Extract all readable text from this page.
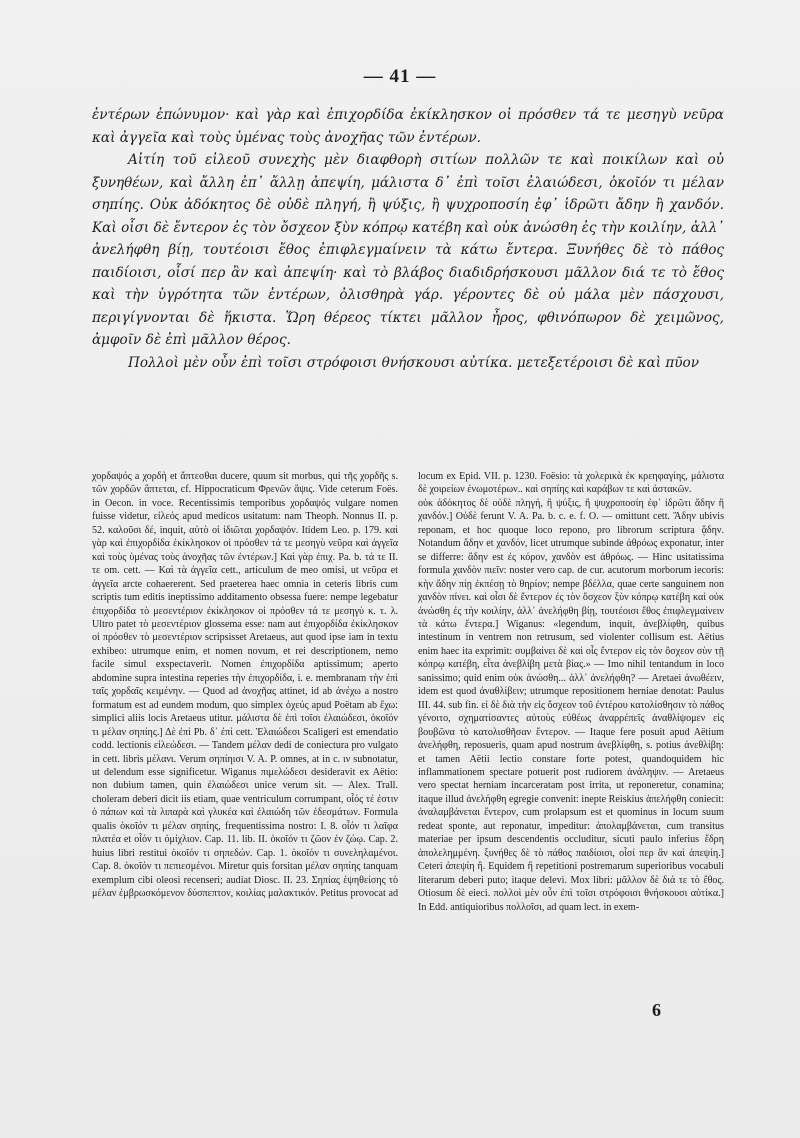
— 41 —

ἐντέρων ἐπώνυμον· καὶ γὰρ καὶ ἐπιχορδίδα ἐκίκλησκον οἱ πρόσθεν τά τε μεσηγὺ νεῦρα καὶ ἀγγεῖα καὶ τοὺς ὑμένας τοὺς ἀνοχῆας τῶν ἐντέρων.

Αἰτίη τοῦ εἰλεοῦ συνεχὴς μὲν διαφθορὴ σιτίων πολλῶν τε καὶ ποικίλων καὶ οὐ ξυνηθέων, καὶ ἄλλη ἐπ᾽ ἄλλῃ ἀπεψίη, μάλιστα δ᾽ ἐπὶ τοῖσι ἐλαιώδεσι, ὁκοῖόν τι μέλαν σηπίης. Οὐκ ἀδόκητος δὲ οὐδὲ πληγή, ἢ ψύξις, ἢ ψυχροποσίη ἐφ᾽ ἱδρῶτι ἄδην ἢ χανδόν. Καὶ οἷσι δὲ ἔντερον ἐς τὸν ὄσχεον ξὺν κόπρῳ κατέβη καὶ οὐκ ἀνώσθη ἐς τὴν κοιλίην, ἀλλ᾽ ἀνελήφθη βίῃ, τουτέοισι ἔθος ἐπιφλεγμαίνειν τὰ κάτω ἔντερα. Ξυνήθες δὲ τὸ πάθος παιδίοισι, οἷσί περ ἂν καὶ ἀπεψίη· καὶ τὸ βλάβος διαδιδρήσκουσι μᾶλλον διά τε τὸ ἔθος καὶ τὴν ὑγρότητα τῶν ἐντέρων, ὀλισθηρὰ γάρ. γέροντες δὲ οὐ μάλα μὲν πάσχουσι, περιγίγνονται δὲ ἥκιστα. Ὥρη θέρεος τίκτει μᾶλλον ἦρος, φθινόπωρον δὲ χειμῶνος, ἀμφοῖν δὲ ἐπὶ μᾶλλον θέρος.

Πολλοὶ μὲν οὖν ἐπὶ τοῖσι στρόφοισι θνήσκουσι αὐτίκα. μετεξετέροισι δὲ καὶ πῦον

χορδαψός a χορδὴ et ἅπτεσθαι ducere, quum sit morbus, qui τῆς χορδῆς s. τῶν χορδῶν ἅπτεται, cf. Hippocraticum Φρενῶν ἅψις. Vide ceterum Foës. in Oecon. in voce. Recentissimis temporibus χορδαψός vulgare nomen fuisse videtur, εἰλεός apud medicos usitatum: nam Theoph. Nonnus II. p. 52. καλοῦσι δέ, inquit, αὐτὸ οἱ ἰδιῶται χορδαψόν. Itidem Leo. p. 179. καὶ γὰρ καὶ ἐπιχορδίδα ἐκίκλησκον οἱ πρόσθεν τά τε μεσηγὺ νεῦρα καὶ ἀγγεῖα καὶ τοὺς ὑμένας τοὺς ἀνοχῆας τῶν ἐντέρων.] Καὶ γὰρ ἐπιχ. Pa. b. τά τε II. τε om. cett. — Καὶ τὰ ἀγγεῖα cett., articulum de meo omisi, ut νεῦρα et ἀγγεῖα arcte cohaererent. Sed praeterea haec omnia in ceteris libris cum scriptis tum editis ineptissimo additamento obsessa fuere: nempe legebatur ἐπιχορδίδα τὸ μεσεντέριον ἐκίκλησκον οἱ πρόσθεν τά τε μεσηγὺ κ. τ. λ. Ultro patet τὸ μεσεντέριον glossema esse: nam aut ἐπιχορδίδα ἐκίκλησκον οἱ πρόσθεν τὸ μεσεντέριον scripsisset Aretaeus, aut quod ipse iam in textu exhibeo: utrumque enim, et nomen novum, et rei descriptionem, nemo facile simul exspectaverit. Nomen ἐπιχορδίδα aptissimum; aperto abdomine supra intestina reperies τὴν ἐπιχορδίδα, i. e. membranam τὴν ἐπὶ ταῖς χορδαῖς κειμένην. — Quod ad ἀνοχῆας attinet, id ab ἀνέχω a nostro formatum est ad eundem modum, quo simplex ὀχεύς apud Poëtam ab ἔχω: simplici aliis locis Aretaeus utitur. μάλιστα δὲ ἐπὶ τοῖσι ἐλαιώδεσι, ὁκοῖόν τι μέλαν σηπίης.] Δὲ ἐπὶ Pb. δ᾽ ἐπὶ cett. Ἐλαιώδεσι Scaligeri est emendatio codd. lectionis εἰλεώδεσι. — Tandem μέλαν dedi de coniectura pro vulgato in cett. libris μέλανι. Verum σηπίηισι V. A. P. omnes, at in c. ιν subnotatur, ut delendum esse significetur. Wiganus πιμελώδεσι desideravit ex Aëtio: non dubium tamen, quin ἐλαιώδεσι unice verum sit. — Alex. Trall. choleram deberi dicit iis etiam, quae ventriculum corrumpant, οἷός τέ ἐστιν ὁ πάπων καὶ τὰ λιπαρὰ καὶ γλυκέα καὶ ἐλαιώδη τῶν ἐδεσμάτων. Formula qualis ὁκοῖόν τι μέλαν σηπίης, frequentissima nostro: I. 8. οἷόν τι λαῖφα πλατέα et οἷόν τι ὀμίχλιον. Cap. 11. lib. II. ὁκοῖόν τι ζῶον ἐν ζώῳ. Cap. 2. huius libri restitui ὁκοῖόν τι σηπεδών. Cap. 1. ὁκοῖόν τι συνεληλαμένοι. Cap. 8. ὁκοῖόν τι πεπιεσμένοι. Miretur quis forsitan μέλαν σηπίης tanquam exemplum cibi oleosi recenseri; audiat Diosc. II. 23. Σηπίας ἑψηθείσης τὸ μέλαν ἐμβρωσκόμενον δύσπεπτον, κοιλίας μαλακτικόν. Petitus provocat ad locum ex Epid. VII. p. 1230. Foësio: τὰ χολερικὰ ἐκ κρεηφαγίης, μάλιστα δὲ χοιρείων ἐνωμοτέρων.. καὶ σηπίης καὶ καράβων τε καὶ ἀστακῶν.

οὐκ ἀδόκητος δὲ οὐδὲ πληγή, ἢ ψύξις, ἢ ψυχροποσίη ἐφ᾽ ἱδρῶτι ἄδην ἢ χανδόν.] Οὐδὲ ferunt V. A. Pa. b. c. e. f. O. — omittunt cett. Ἄδην ubivis reponam, et hoc quoque loco repono, pro librorum scriptura ᾅδην. Notandum ἄδην et χανδόν, licet utrumque subinde ἀθρόως exponatur, inter se differre: ἄδην est ἐς κόρον, χανδὸν est ἀθρόως. — Hinc usitatissima formula χανδὸν πιεῖν: noster vero cap. de cur. acutorum morborum iecoris: κὴν ἄδην πίῃ ἐκπέσῃ τὸ θηρίον; nempe βδέλλα, quae certe sanguinem non χανδὸν πίνει. καὶ οἷσι δὲ ἔντερον ἐς τὸν ὄσχεον ξὺν κόπρῳ κατέβη καὶ οὐκ ἀνώσθη ἐς τὴν κοιλίην, ἀλλ᾽ ἀνελήφθη βίῃ, τουτέοισι ἔθος ἐπιφλεγμαίνειν τὰ κάτω ἔντερα.] Wiganus: «legendum, inquit, ἀνεβλίφθη, quibus intestinum in ventrem non retrusum, sed violenter collisum est. Aëtius enim haec ita exprimit: συμβαίνει δὲ καὶ οἷς ἔντερον εἰς τὸν ὄσχεον σὺν τῇ κόπρῳ κατέβη, εἶτα ἀνεβλίβη μετὰ βίας.» — Imo nihil tentandum in loco sanissimo; quid enim οὐκ ἀνώσθη... ἀλλ᾽ ἀνελήφθη? — Aretaei ἀνωθέειν, idem est quod ἀναθλίβειν; utrumque repositionem herniae denotat: Paulus III. 44. sub fin. εἰ δὲ διὰ τὴν εἰς ὄσχεον τοῦ ἐντέρου κατολίσθησιν τὸ πάθος γένοιτο, σχηματίσαντες αὐτοὺς εὐθέως ἀναρρέπεῖς ἀναθλίψομεν εἰς βουβῶνα τὸ κατολισθῆσαν ἔντερον. — Itaque fere posuit apud Aëtium ἀνελήφθη, reposueris, quam apud nostrum ἀνεβλίφθη, s. potius ἀνεθλίβη: et tamen Aëtii lectio constare forte potest, quandoquidem hic inflammationem spectare potuerit post rudiorem ἀνάληψιν. — Aretaeus vero spectat herniam incarceratam post irrita, ut reponeretur, conamina; itaque illud ἀνελήφθη egregie convenit: inepte Reiskius ἀπελήφθη coniecit: ἀναλαμβάνεται ἔντερον, cum prolapsum est et quominus in locum suum redeat sponte, aut reponatur, impeditur: ἀπολαμβάνεται, cum transitus materiae per ipsum descendentis occluditur, sicuti paulo inferius ἔδρη ἀπολελημμένη. ξυνήθες δὲ τὸ πάθος παιδίοισι, οἷσί περ ἂν καὶ ἀπεψίη.] Ceteri ἀπεψίη ἢ. Equidem ἢ repetitioni postremarum superioribus vocabuli literarum deberi puto; itaque delevi. Mox libri: μᾶλλον δὲ διά τε τὸ ἔθος. Otiosum δὲ eieci. πολλοὶ μὲν οὖν ἐπὶ τοῖσι στρόφοισι θνήσκουσι αὐτίκα.] In Edd. antiquioribus πολλοῖσι, ad quam lect. in exem-

6
